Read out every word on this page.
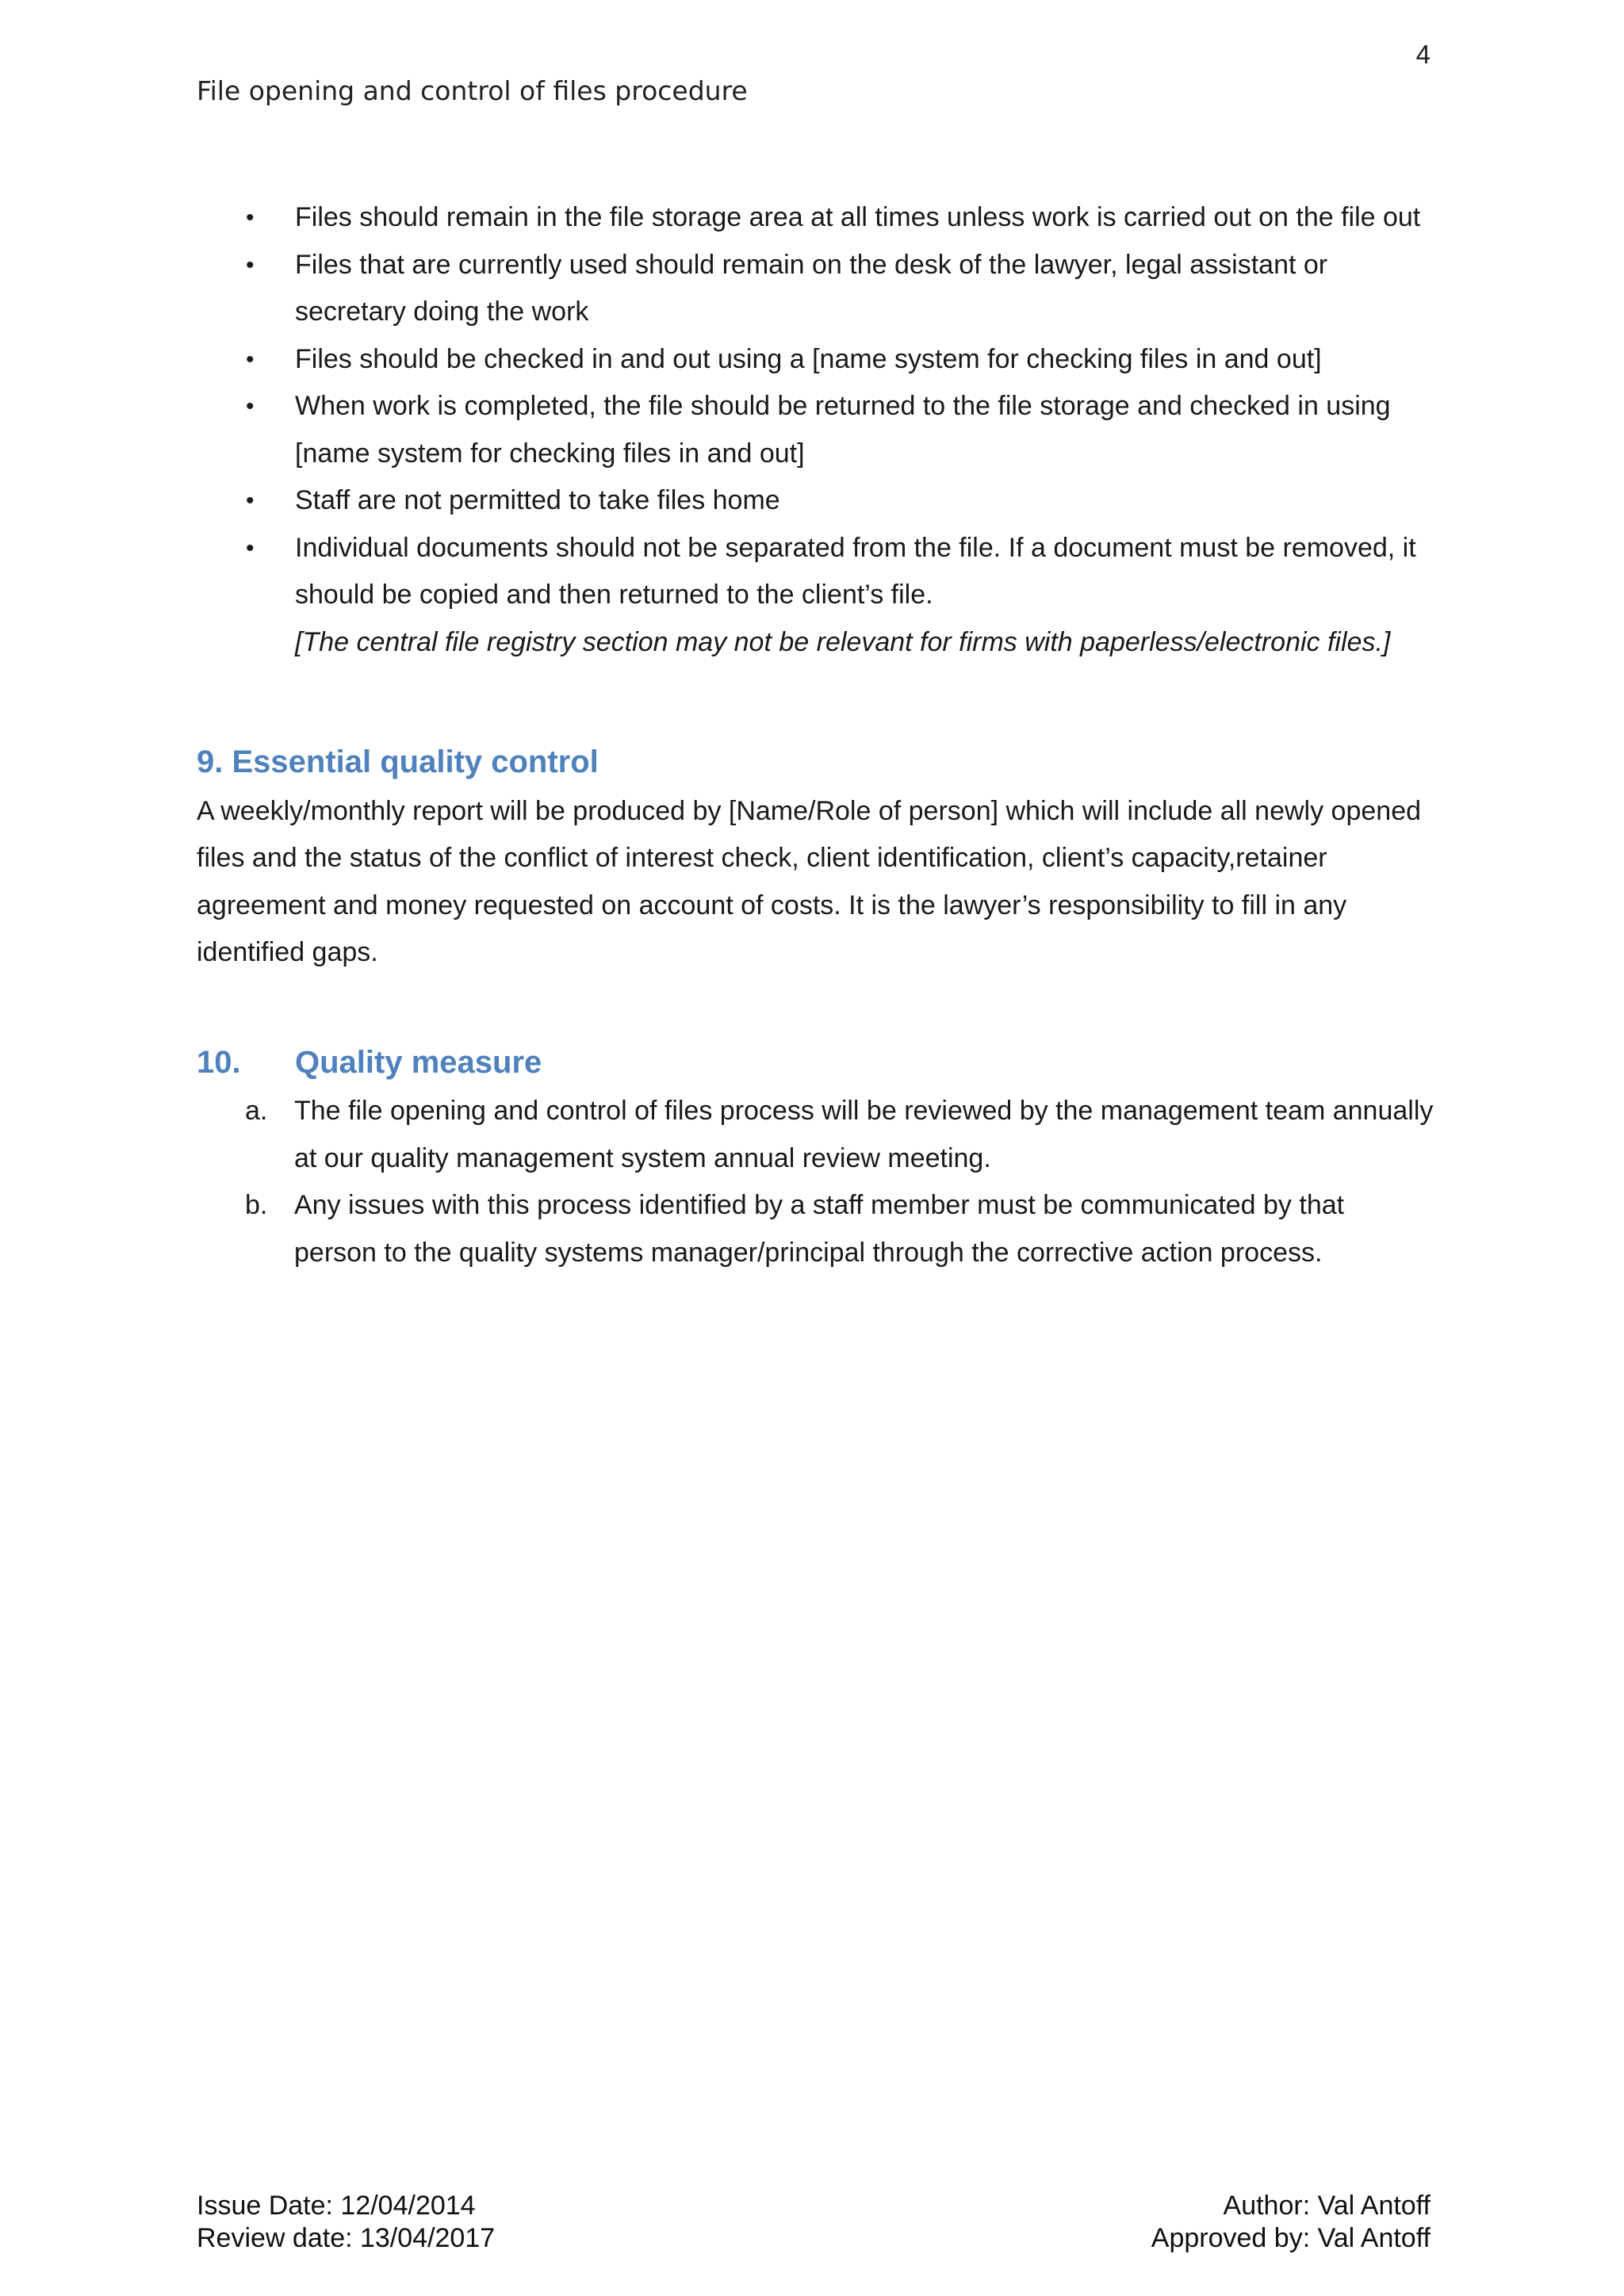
4
File opening and control of files procedure
• Files should remain in the file storage area at all times unless work is carried out on the file out
• Files that are currently used should remain on the desk of the lawyer, legal assistant or secretary doing the work
• Files should be checked in and out using a [name system for checking files in and out]
• When work is completed, the file should be returned to the file storage and checked in using [name system for checking files in and out]
• Staff are not permitted to take files home
• Individual documents should not be separated from the file. If a document must be removed, it should be copied and then returned to the client’s file.
[The central file registry section may not be relevant for firms with paperless/electronic files.]
9. Essential quality control

A weekly/monthly report will be produced by [Name/Role of person] which will include all newly opened files and the status of the conflict of interest check, client identification, client’s capacity,retainer agreement and money requested on account of costs. It is the lawyer’s responsibility to fill in any identified gaps.

10. Quality measure
a. The file opening and control of files process will be reviewed by the management team annually at our quality management system annual review meeting.
b. Any issues with this process identified by a staff member must be communicated by that person to the quality systems manager/principal through the corrective action process.
Issue Date: 12/04/2014
Review date: 13/04/2017
Author: Val Antoff
Approved by: Val Antoff
